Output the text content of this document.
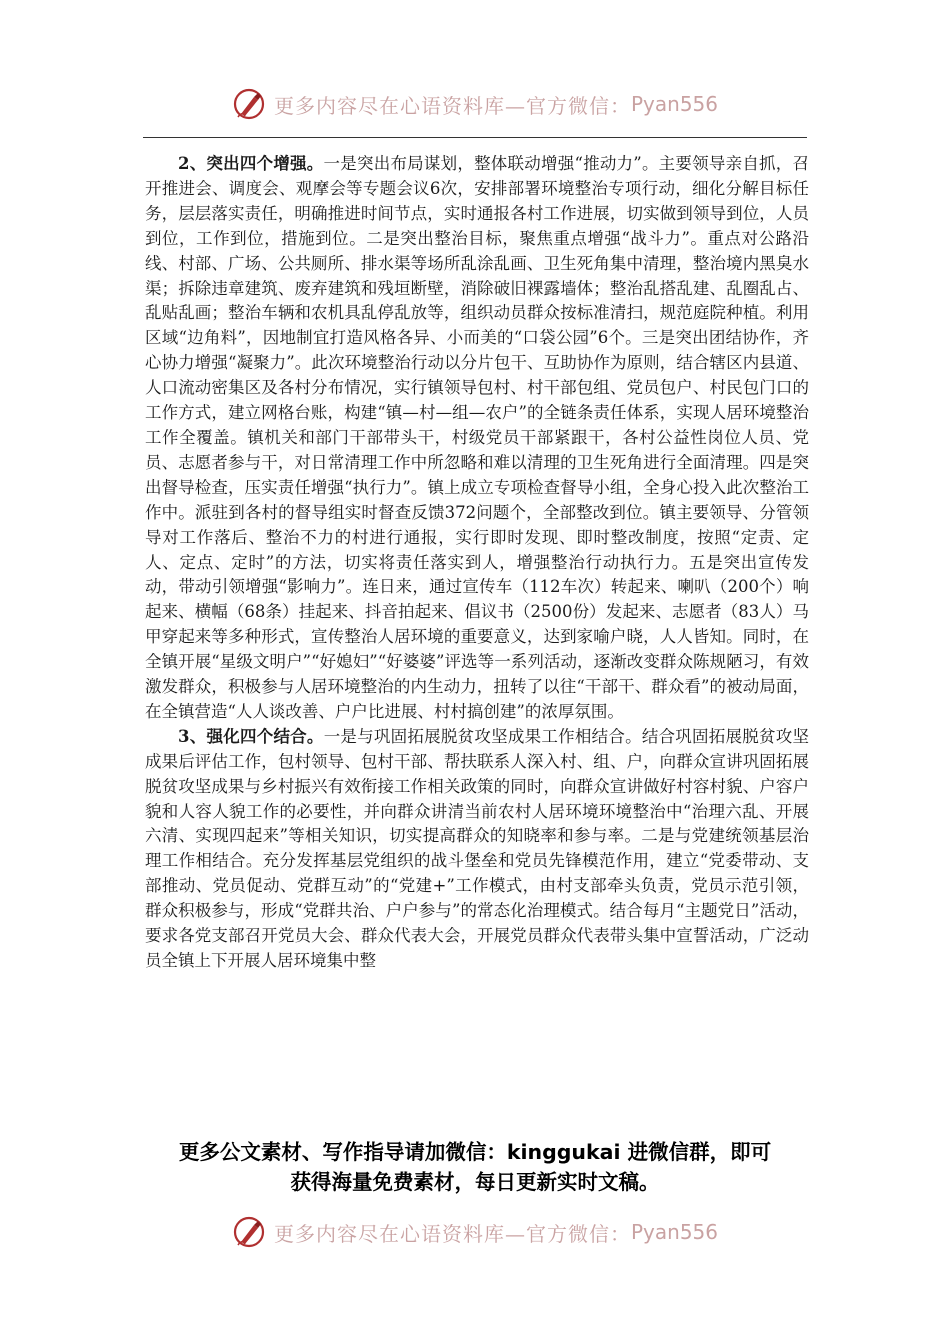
更多内容尽在心语资料库—官方微信： Pyan556

2、突出四个增强。一是突出布局谋划，整体联动增强“推动力”。主要领导亲自抓，召开推进会、调度会、观摩会等专题会议6次，安排部署环境整治专项行动，细化分解目标任务，层层落实责任，明确推进时间节点，实时通报各村工作进展，切实做到领导到位，人员到位，工作到位，措施到位。二是突出整治目标，聚焦重点增强“战斗力”。重点对公路沿线、村部、广场、公共厕所、排水渠等场所乱涂乱画、卫生死角集中清理，整治境内黑臭水渠；拆除违章建筑、废弃建筑和残垣断壁，消除破旧裸露墙体；整治乱搭乱建、乱圈乱占、乱贴乱画；整治车辆和农机具乱停乱放等，组织动员群众按标准清扫，规范庭院种植。利用区域“边角料”，因地制宜打造风格各异、小而美的“口袋公园”6个。三是突出团结协作，齐心协力增强“凝聚力”。此次环境整治行动以分片包干、互助协作为原则，结合辖区内县道、人口流动密集区及各村分布情况，实行镇领导包村、村干部包组、党员包户、村民包门口的工作方式，建立网格台账，构建“镇—村—组—农户”的全链条责任体系，实现人居环境整治工作全覆盖。镇机关和部门干部带头干，村级党员干部紧跟干，各村公益性岗位人员、党员、志愿者参与干，对日常清理工作中所忽略和难以清理的卫生死角进行全面清理。四是突出督导检查，压实责任增强“执行力”。镇上成立专项检查督导小组，全身心投入此次整治工作中。派驻到各村的督导组实时督查反馈372问题个，全部整改到位。镇主要领导、分管领导对工作落后、整治不力的村进行通报，实行即时发现、即时整改制度，按照“定责、定人、定点、定时”的方法，切实将责任落实到人，增强整治行动执行力。五是突出宣传发动，带动引领增强“影响力”。连日来，通过宣传车（112车次）转起来、喇叭（200个）响起来、横幅（68条）挂起来、抖音拍起来、倡议书（2500份）发起来、志愿者（83人）马甲穿起来等多种形式，宣传整治人居环境的重要意义，达到家喻户晓，人人皆知。同时，在全镇开展“星级文明户”“好媳妇”“好婆婆”评选等一系列活动，逐渐改变群众陈规陋习，有效激发群众，积极参与人居环境整治的内生动力，扭转了以往“干部干、群众看”的被动局面，在全镇营造“人人谈改善、户户比进展、村村搞创建”的浓厚氛围。

3、强化四个结合。一是与巩固拓展脱贫攻坚成果工作相结合。结合巩固拓展脱贫攻坚成果后评估工作，包村领导、包村干部、帮扶联系人深入村、组、户，向群众宣讲巩固拓展脱贫攻坚成果与乡村振兴有效衔接工作相关政策的同时，向群众宣讲做好村容村貌、户容户貌和人容人貌工作的必要性，并向群众讲清当前农村人居环境环境整治中“治理六乱、开展六清、实现四起来”等相关知识，切实提高群众的知晓率和参与率。二是与党建统领基层治理工作相结合。充分发挥基层党组织的战斗堡垒和党员先锋模范作用，建立“党委带动、支部推动、党员促动、党群互动”的“党建+”工作模式，由村支部牵头负责，党员示范引领，群众积极参与，形成“党群共治、户户参与”的常态化治理模式。结合每月“主题党日”活动，要求各党支部召开党员大会、群众代表大会，开展党员群众代表带头集中宣誓活动，广泛动员全镇上下开展人居环境集中整

更多公文素材、写作指导请加微信：kinggukai 进微信群，即可
获得海量免费素材，每日更新实时文稿。
更多内容尽在心语资料库—官方微信： Pyan556
